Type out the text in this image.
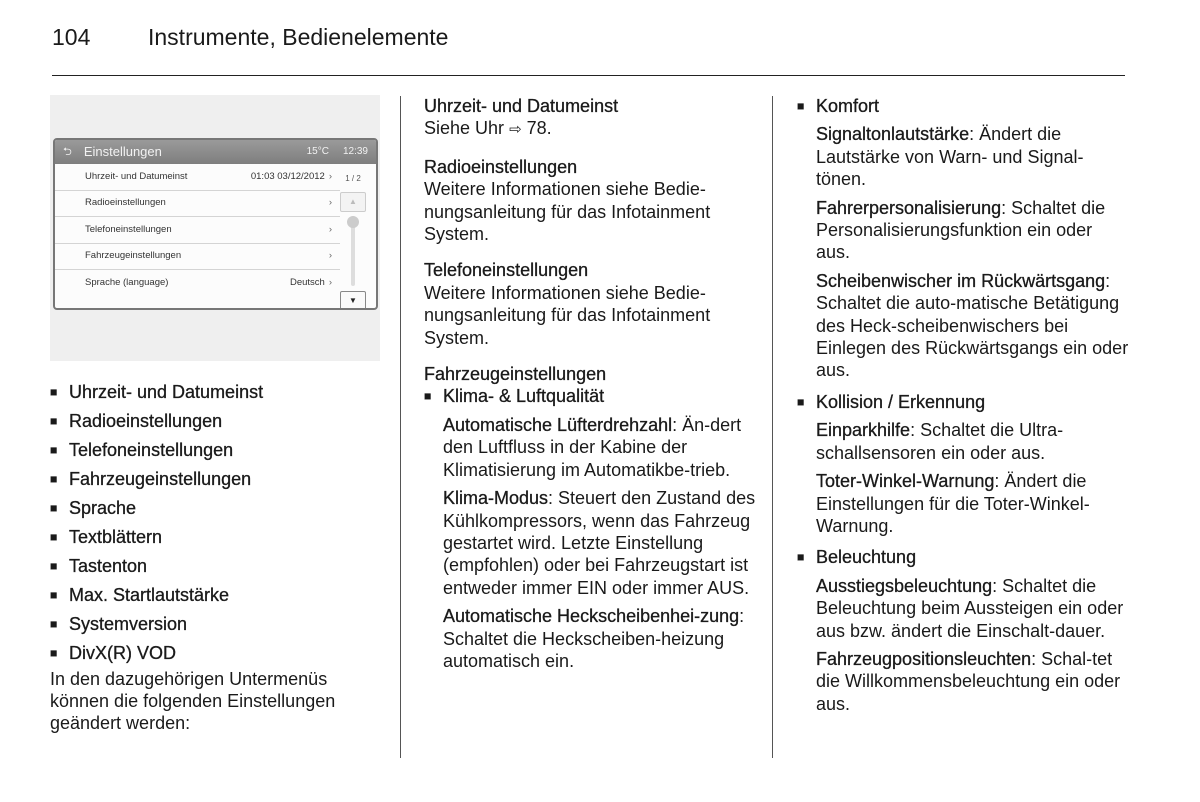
104	Instrumente, Bedienelemente
⮌ Einstellungen	15°C 12:39
Uhrzeit- und Datumeinst	01:03 03/12/2012 ›
Radioeinstellungen	›
Telefoneinstellungen	›
Fahrzeugeinstellungen	›
Sprache (language)	Deutsch ›
1 / 2
▲
▼
■ Uhrzeit- und Datumeinst
■ Radioeinstellungen
■ Telefoneinstellungen
■ Fahrzeugeinstellungen
■ Sprache
■ Textblättern
■ Tastenton
■ Max. Startlautstärke
■ Systemversion
■ DivX(R) VOD

In den dazugehörigen Untermenüs können die folgenden Einstellungen geändert werden:

Uhrzeit- und Datumeinst
Siehe Uhr ⇨ 78.
Radioeinstellungen
Weitere Informationen siehe Bedie-nungsanleitung für das Infotainment System.
Telefoneinstellungen
Weitere Informationen siehe Bedie-nungsanleitung für das Infotainment System.
Fahrzeugeinstellungen
■ Klima- & Luftqualität
Automatische Lüfterdrehzahl: Än-dert den Luftfluss in der Kabine der Klimatisierung im Automatikbe-trieb.
Klima-Modus: Steuert den Zustand des Kühlkompressors, wenn das Fahrzeug gestartet wird. Letzte Einstellung (empfohlen) oder bei Fahrzeugstart ist entweder immer EIN oder immer AUS.
Automatische Heckscheibenhei-zung: Schaltet die Heckscheiben-heizung automatisch ein.
■ Komfort
Signaltonlautstärke: Ändert die Lautstärke von Warn- und Signal-tönen.
Fahrerpersonalisierung: Schaltet die Personalisierungsfunktion ein oder aus.
Scheibenwischer im Rückwärtsgang: Schaltet die auto-matische Betätigung des Heck-scheibenwischers bei Einlegen des Rückwärtsgangs ein oder aus.
■ Kollision / Erkennung
Einparkhilfe: Schaltet die Ultra-schallsensoren ein oder aus.
Toter-Winkel-Warnung: Ändert die Einstellungen für die Toter-Winkel-Warnung.
■ Beleuchtung
Ausstiegsbeleuchtung: Schaltet die Beleuchtung beim Aussteigen ein oder aus bzw. ändert die Einschalt-dauer.
Fahrzeugpositionsleuchten: Schal-tet die Willkommensbeleuchtung ein oder aus.
